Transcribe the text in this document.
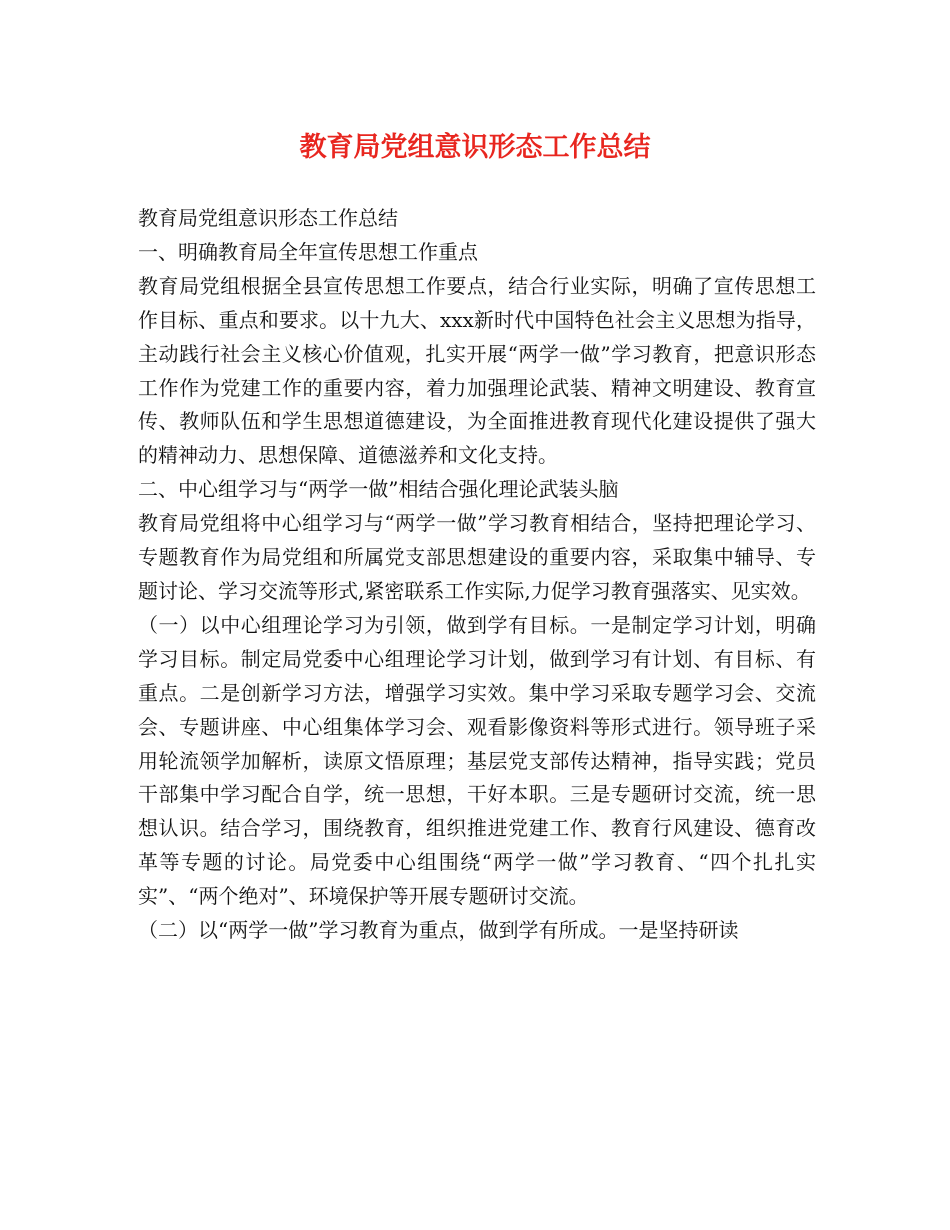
教育局党组意识形态工作总结

教育局党组意识形态工作总结

一、明确教育局全年宣传思想工作重点

教育局党组根据全县宣传思想工作要点，结合行业实际，明确了宣传思想工作目标、重点和要求。以十九大、xxx新时代中国特色社会主义思想为指导，主动践行社会主义核心价值观，扎实开展“两学一做”学习教育，把意识形态工作作为党建工作的重要内容，着力加强理论武装、精神文明建设、教育宣传、教师队伍和学生思想道德建设，为全面推进教育现代化建设提供了强大的精神动力、思想保障、道德滋养和文化支持。

二、中心组学习与“两学一做”相结合强化理论武装头脑

教育局党组将中心组学习与“两学一做”学习教育相结合，坚持把理论学习、专题教育作为局党组和所属党支部思想建设的重要内容，采取集中辅导、专题讨论、学习交流等形式,紧密联系工作实际,力促学习教育强落实、见实效。

（一）以中心组理论学习为引领，做到学有目标。一是制定学习计划，明确学习目标。制定局党委中心组理论学习计划，做到学习有计划、有目标、有重点。二是创新学习方法，增强学习实效。集中学习采取专题学习会、交流会、专题讲座、中心组集体学习会、观看影像资料等形式进行。领导班子采用轮流领学加解析，读原文悟原理；基层党支部传达精神，指导实践；党员干部集中学习配合自学，统一思想，干好本职。三是专题研讨交流，统一思想认识。结合学习，围绕教育，组织推进党建工作、教育行风建设、德育改革等专题的讨论。局党委中心组围绕“两学一做”学习教育、“四个扎扎实实”、“两个绝对”、环境保护等开展专题研讨交流。

（二）以“两学一做”学习教育为重点，做到学有所成。一是坚持研读
